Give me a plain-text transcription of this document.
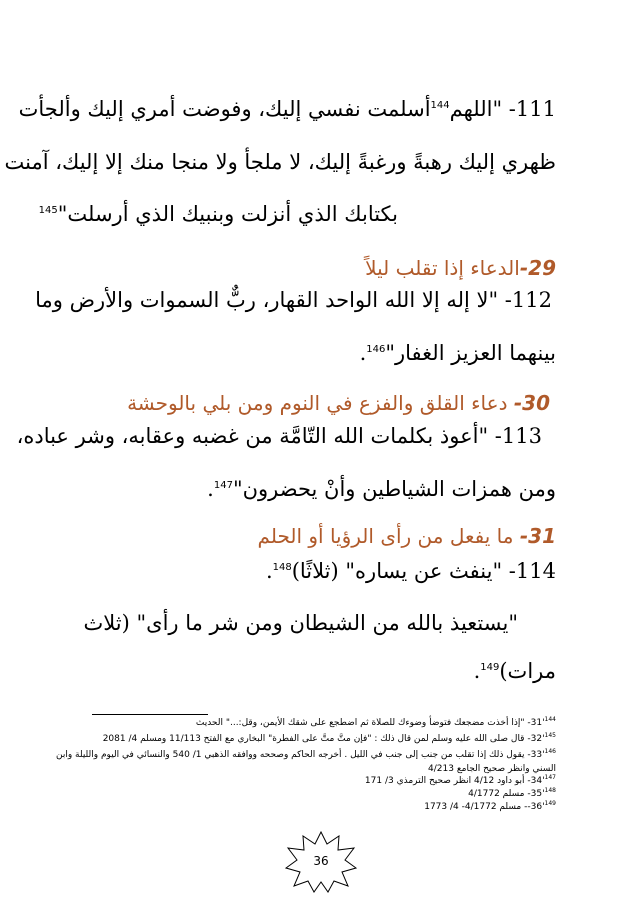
111- "اللهم$^{144}$أسلمت نفسي إليك، وفوضت أمري إليك وألجأت
ظهري إليك رهبةً ورغبةً إليك، لا ملجأ ولا منجا منك إلا إليك، آمنت
بكتابك الذي أنزلت وبنبيك الذي أرسلت"$^{145}$
29-الدعاء إذا تقلب ليلاً
112- "لا إله إلا الله الواحد القهار، ربٌّ السموات والأرض وما
بينهما العزيز الغفار"$^{146}$.
30- دعاء القلق والفزع في النوم ومن بلي بالوحشة
113- "أعوذ بكلمات الله التّامَّة من غضبه وعقابه، وشر عباده،
ومن همزات الشياطين وأنْ يحضرون"$^{147}$.
31- ما يفعل من رأى الرؤيا أو الحلم
114- "ينفث عن يساره" (ثلاثًا)$^{148}$.
"يستعيذ بالله من الشيطان ومن شر ما رأى" (ثلاث
مرات)$^{149}$.
$^{144}$'31- "إذا أخذت مضجعك فتوضأ وضوءك للصلاة ثم اضطجع على شقك الأيمن، وقل:..." الحديث
$^{145}$'32- قال صلى الله عليه وسلم لمن قال ذلك : "فإن متَّ متَّ على الفطرة" البخاري مع الفتح 11/113 ومسلم 4/ 2081
$^{146}$'33- يقول ذلك إذا تقلب من جنب إلى جنب في الليل . أخرجه الحاكم وصححه ووافقه الذهبي 1/ 540 والنسائي في اليوم والليلة وابن
السني وانظر صحيح الجامع 4/213
$^{147}$'34- أبو داود 4/12 انظر صحيح الترمذي 3/ 171
$^{148}$'35- مسلم 4/1772
$^{149}$'36-- مسلم 4/1772- 4/ 1773
36
